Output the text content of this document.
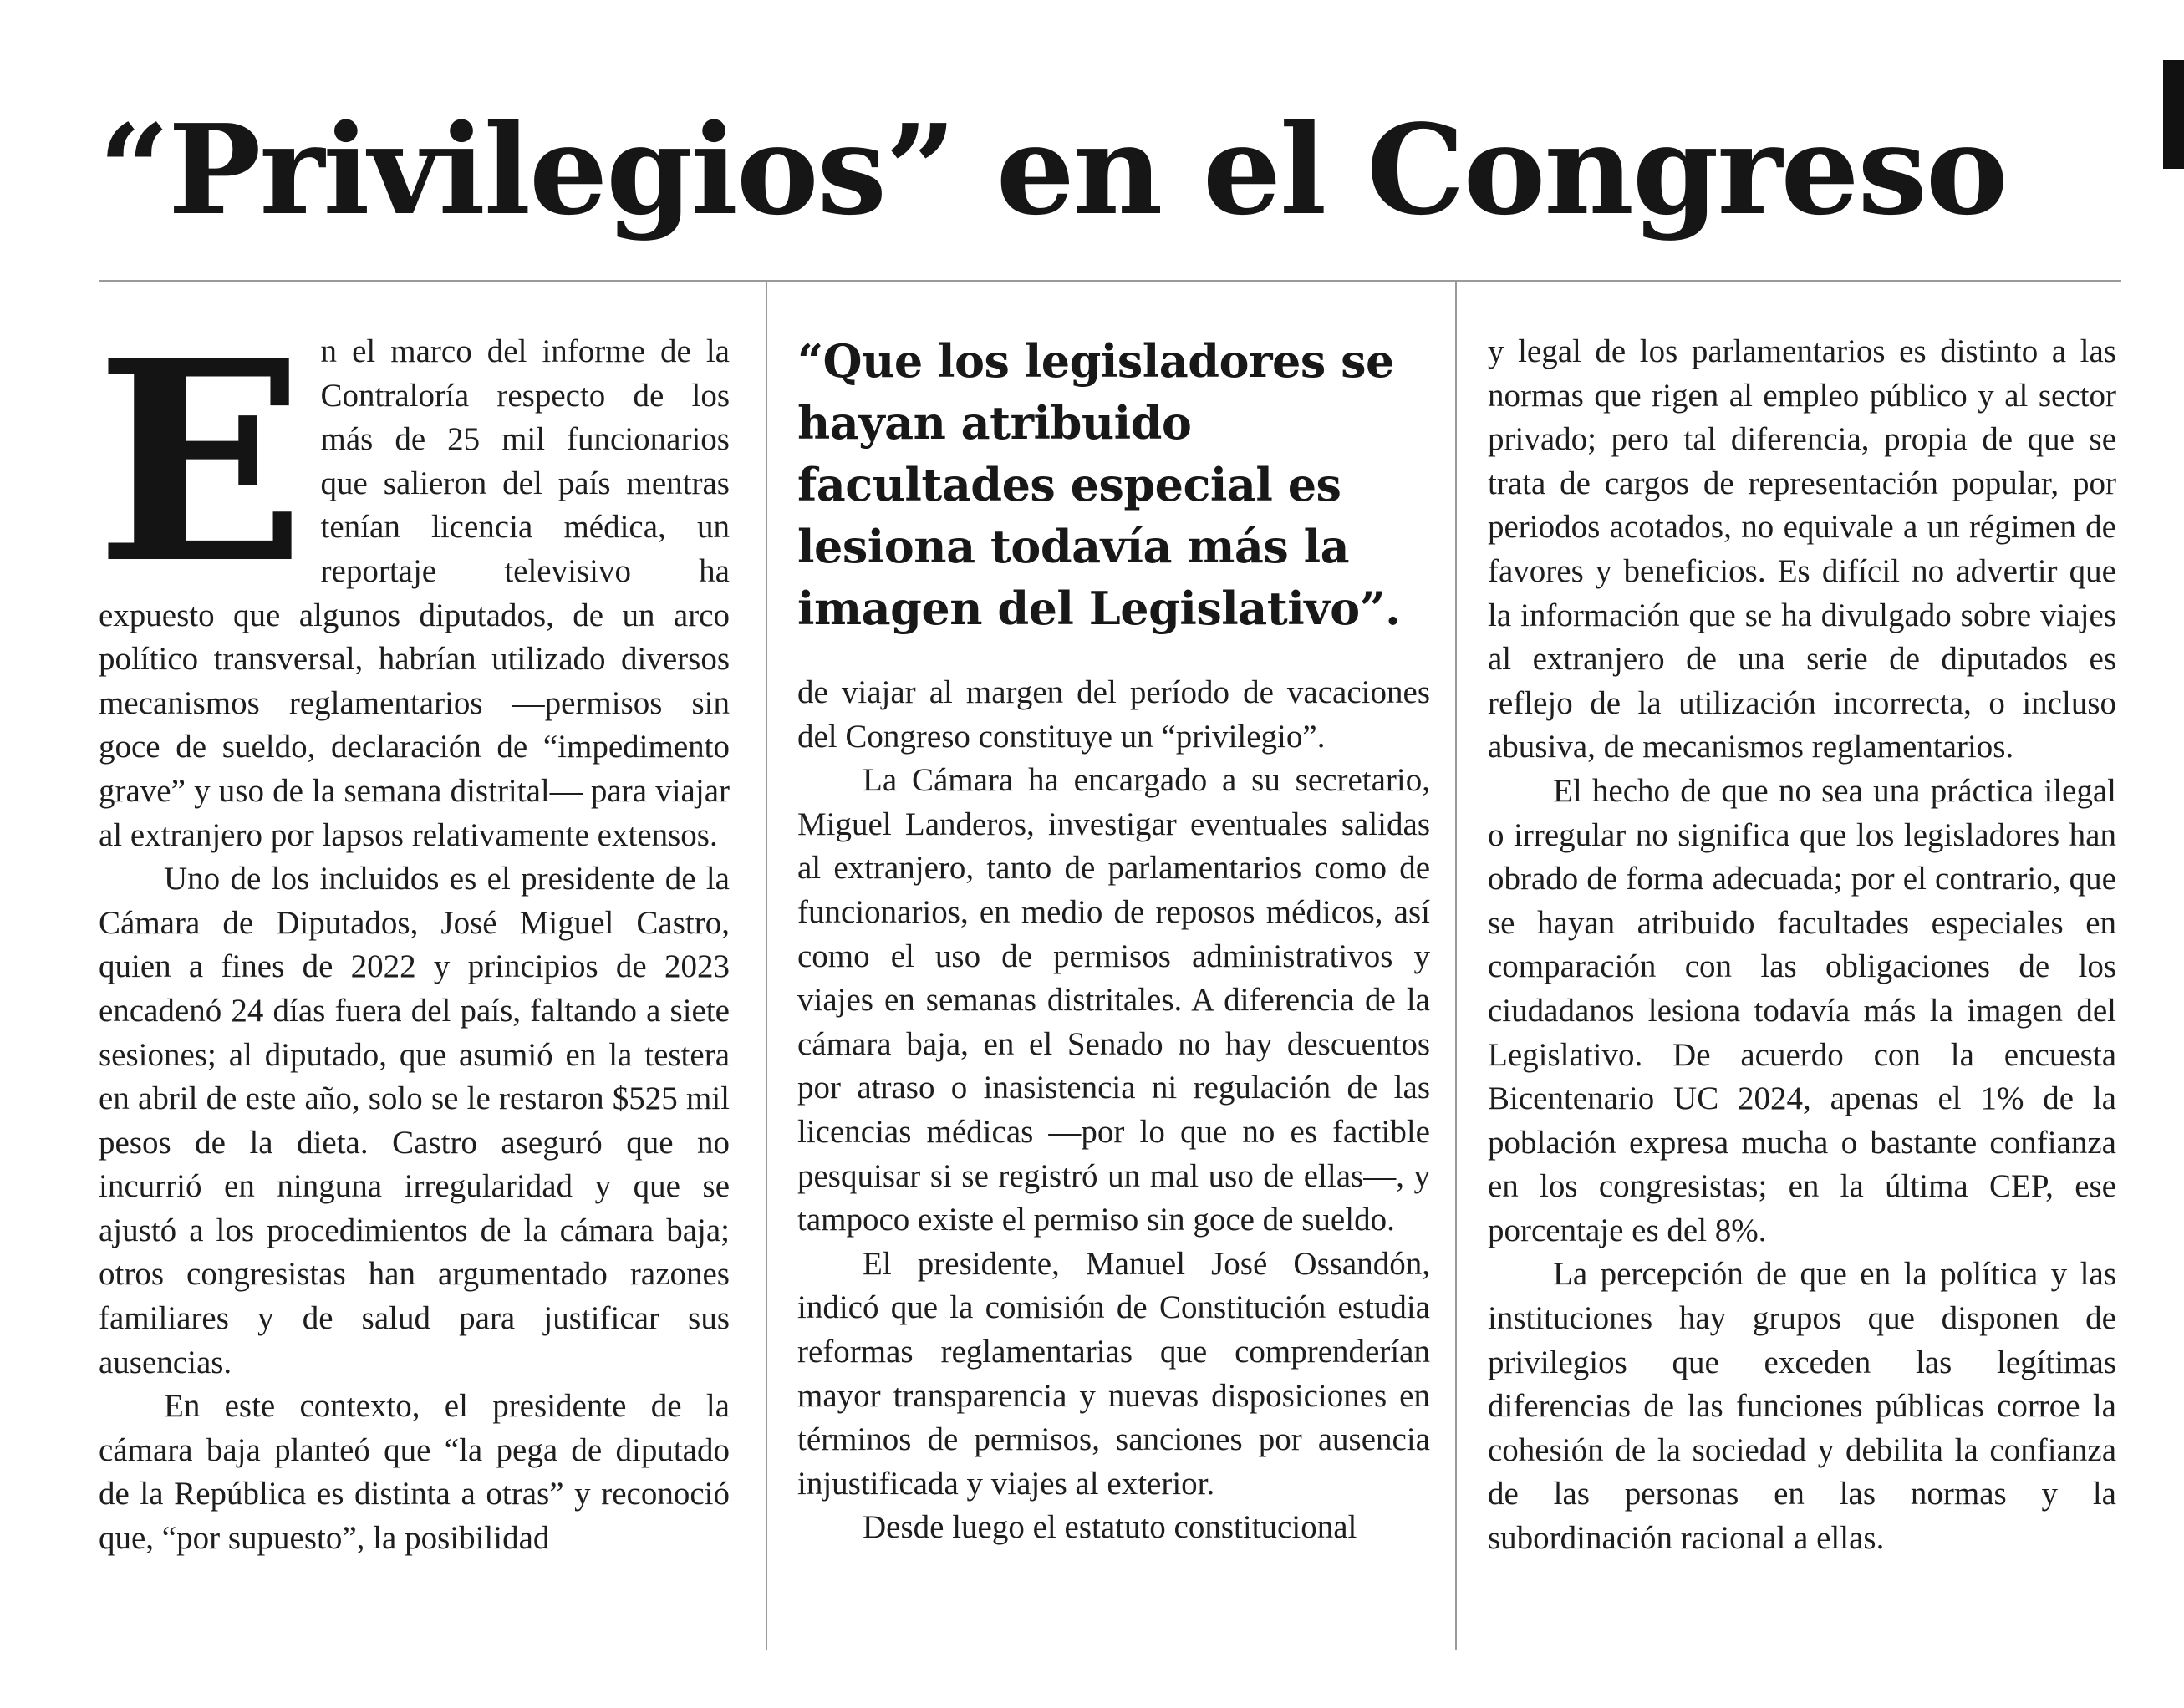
“Privilegios” en el Congreso
E n el marco del informe de la Contraloría respecto de los más de 25 mil funcionarios que salieron del país mentras tenían licencia médica, un reportaje televisivo ha expuesto que algunos diputados, de un arco político transversal, habrían utilizado diversos mecanismos reglamentarios —permisos sin goce de sueldo, declaración de “impedimento grave” y uso de la semana distrital— para viajar al extranjero por lapsos relativamente extensos.

Uno de los incluidos es el presidente de la Cámara de Diputados, José Miguel Castro, quien a fines de 2022 y principios de 2023 encadenó 24 días fuera del país, faltando a siete sesiones; al diputado, que asumió en la testera en abril de este año, solo se le restaron $525 mil pesos de la dieta. Castro aseguró que no incurrió en ninguna irregularidad y que se ajustó a los procedimientos de la cámara baja; otros congresistas han argumentado razones familiares y de salud para justificar sus ausencias.

En este contexto, el presidente de la cámara baja planteó que “la pega de diputado de la República es distinta a otras” y reconoció que, “por supuesto”, la posibilidad

“Que los legisladores se hayan atribuido facultades especial es lesiona todavía más la imagen del Legislativo”.

de viajar al margen del período de vacaciones del Congreso constituye un “privilegio”.

La Cámara ha encargado a su secretario, Miguel Landeros, investigar eventuales salidas al extranjero, tanto de parlamentarios como de funcionarios, en medio de reposos médicos, así como el uso de permisos administrativos y viajes en semanas distritales. A diferencia de la cámara baja, en el Senado no hay descuentos por atraso o inasistencia ni regulación de las licencias médicas —por lo que no es factible pesquisar si se registró un mal uso de ellas—, y tampoco existe el permiso sin goce de sueldo.

El presidente, Manuel José Ossandón, indicó que la comisión de Constitución estudia reformas reglamentarias que comprenderían mayor transparencia y nuevas disposiciones en términos de permisos, sanciones por ausencia injustificada y viajes al exterior.

Desde luego el estatuto constitucional

y legal de los parlamentarios es distinto a las normas que rigen al empleo público y al sector privado; pero tal diferencia, propia de que se trata de cargos de representación popular, por periodos acotados, no equivale a un régimen de favores y beneficios. Es difícil no advertir que la información que se ha divulgado sobre viajes al extranjero de una serie de diputados es reflejo de la utilización incorrecta, o incluso abusiva, de mecanismos reglamentarios.

El hecho de que no sea una práctica ilegal o irregular no significa que los legisladores han obrado de forma adecuada; por el contrario, que se hayan atribuido facultades especiales en comparación con las obligaciones de los ciudadanos lesiona todavía más la imagen del Legislativo. De acuerdo con la encuesta Bicentenario UC 2024, apenas el 1% de la población expresa mucha o bastante confianza en los congresistas; en la última CEP, ese porcentaje es del 8%.

La percepción de que en la política y las instituciones hay grupos que disponen de privilegios que exceden las legítimas diferencias de las funciones públicas corroe la cohesión de la sociedad y debilita la confianza de las personas en las normas y la subordinación racional a ellas.
